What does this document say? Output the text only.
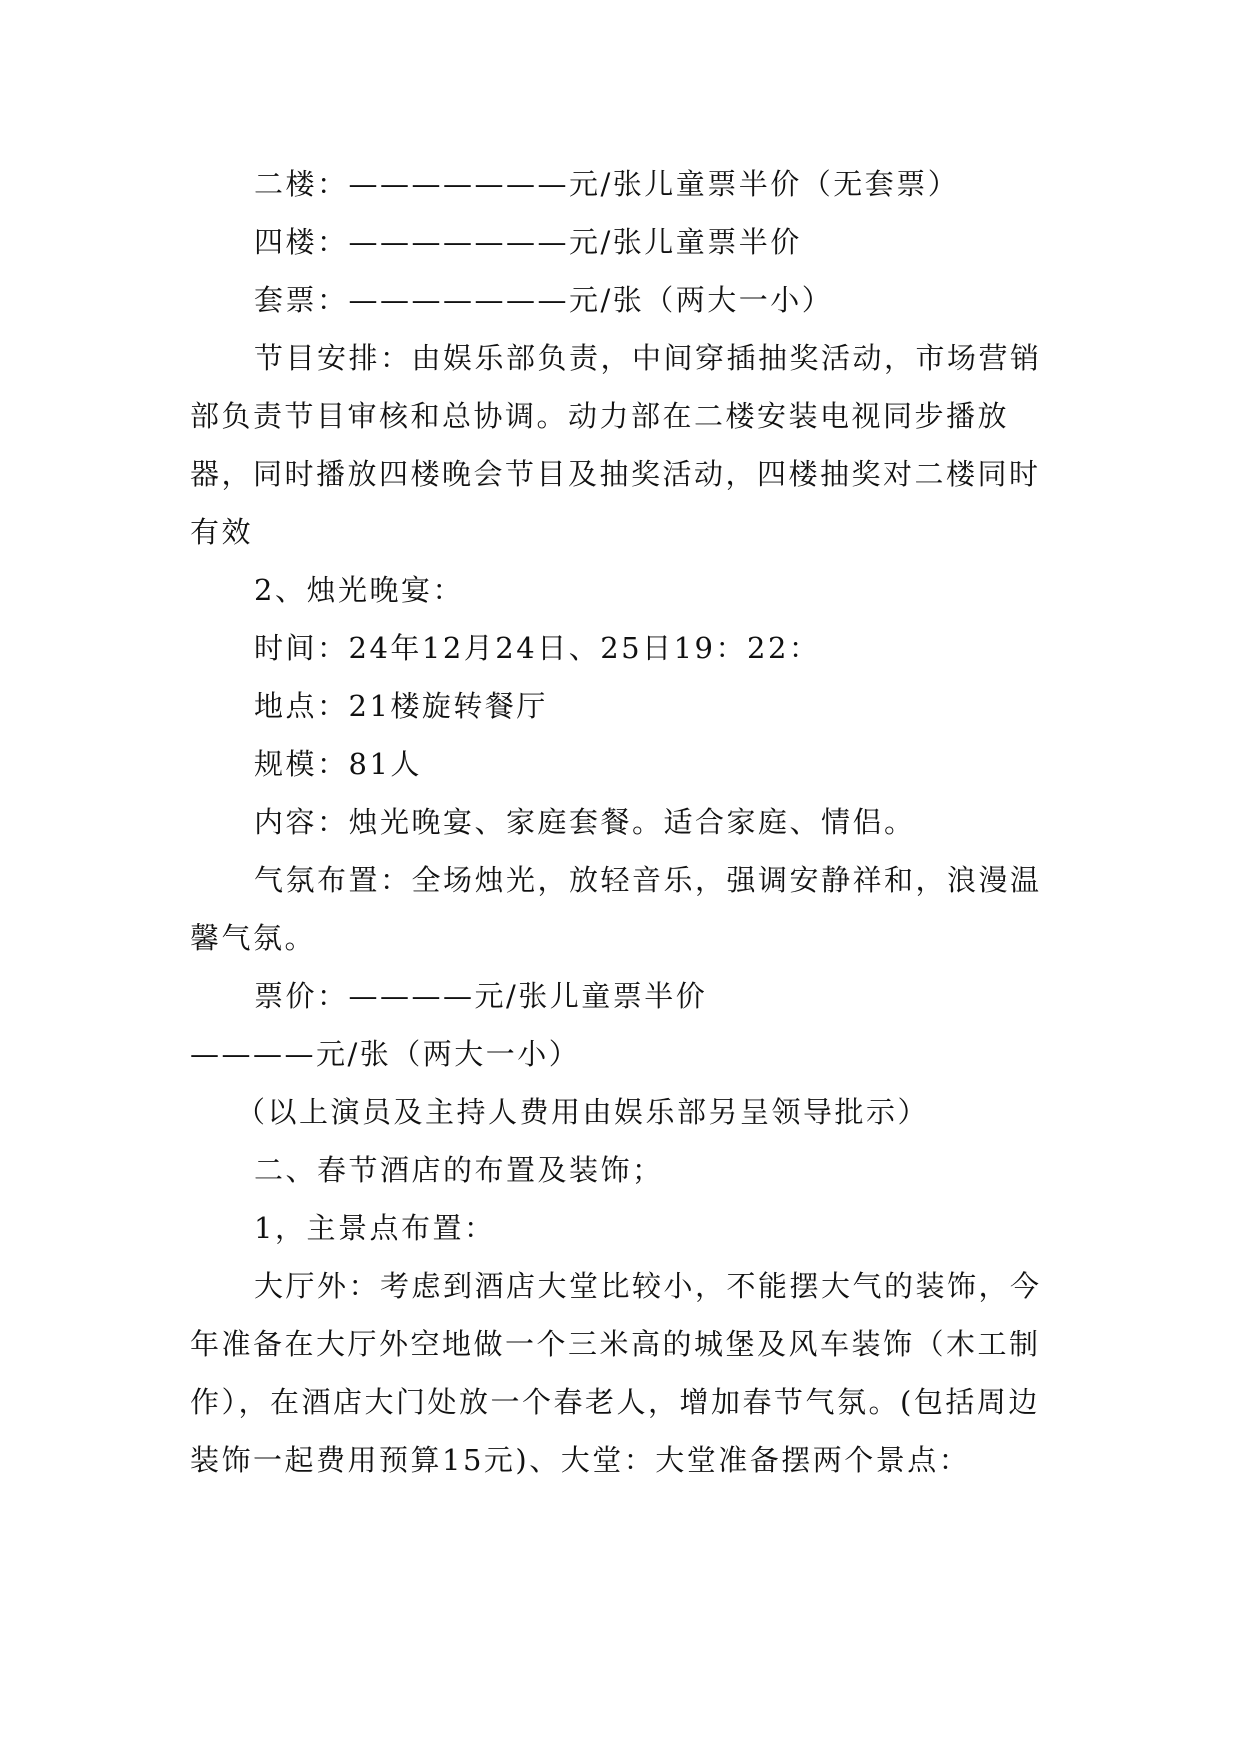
二楼：———————元/张儿童票半价（无套票）

四楼：———————元/张儿童票半价

套票：———————元/张（两大一小）

节目安排：由娱乐部负责，中间穿插抽奖活动，市场营销部负责节目审核和总协调。动力部在二楼安装电视同步播放器，同时播放四楼晚会节目及抽奖活动，四楼抽奖对二楼同时有效

2、烛光晚宴：

时间：24年12月24日、25日19：22：

地点：21楼旋转餐厅

规模：81人

内容：烛光晚宴、家庭套餐。适合家庭、情侣。

气氛布置：全场烛光，放轻音乐，强调安静祥和，浪漫温馨气氛。

票价：————元/张儿童票半价

————元/张（两大一小）

（以上演员及主持人费用由娱乐部另呈领导批示）

二、春节酒店的布置及装饰；

1，主景点布置：

大厅外：考虑到酒店大堂比较小，不能摆大气的装饰，今年准备在大厅外空地做一个三米高的城堡及风车装饰（木工制作），在酒店大门处放一个春老人，增加春节气氛。(包括周边装饰一起费用预算15元)、大堂：大堂准备摆两个景点：
